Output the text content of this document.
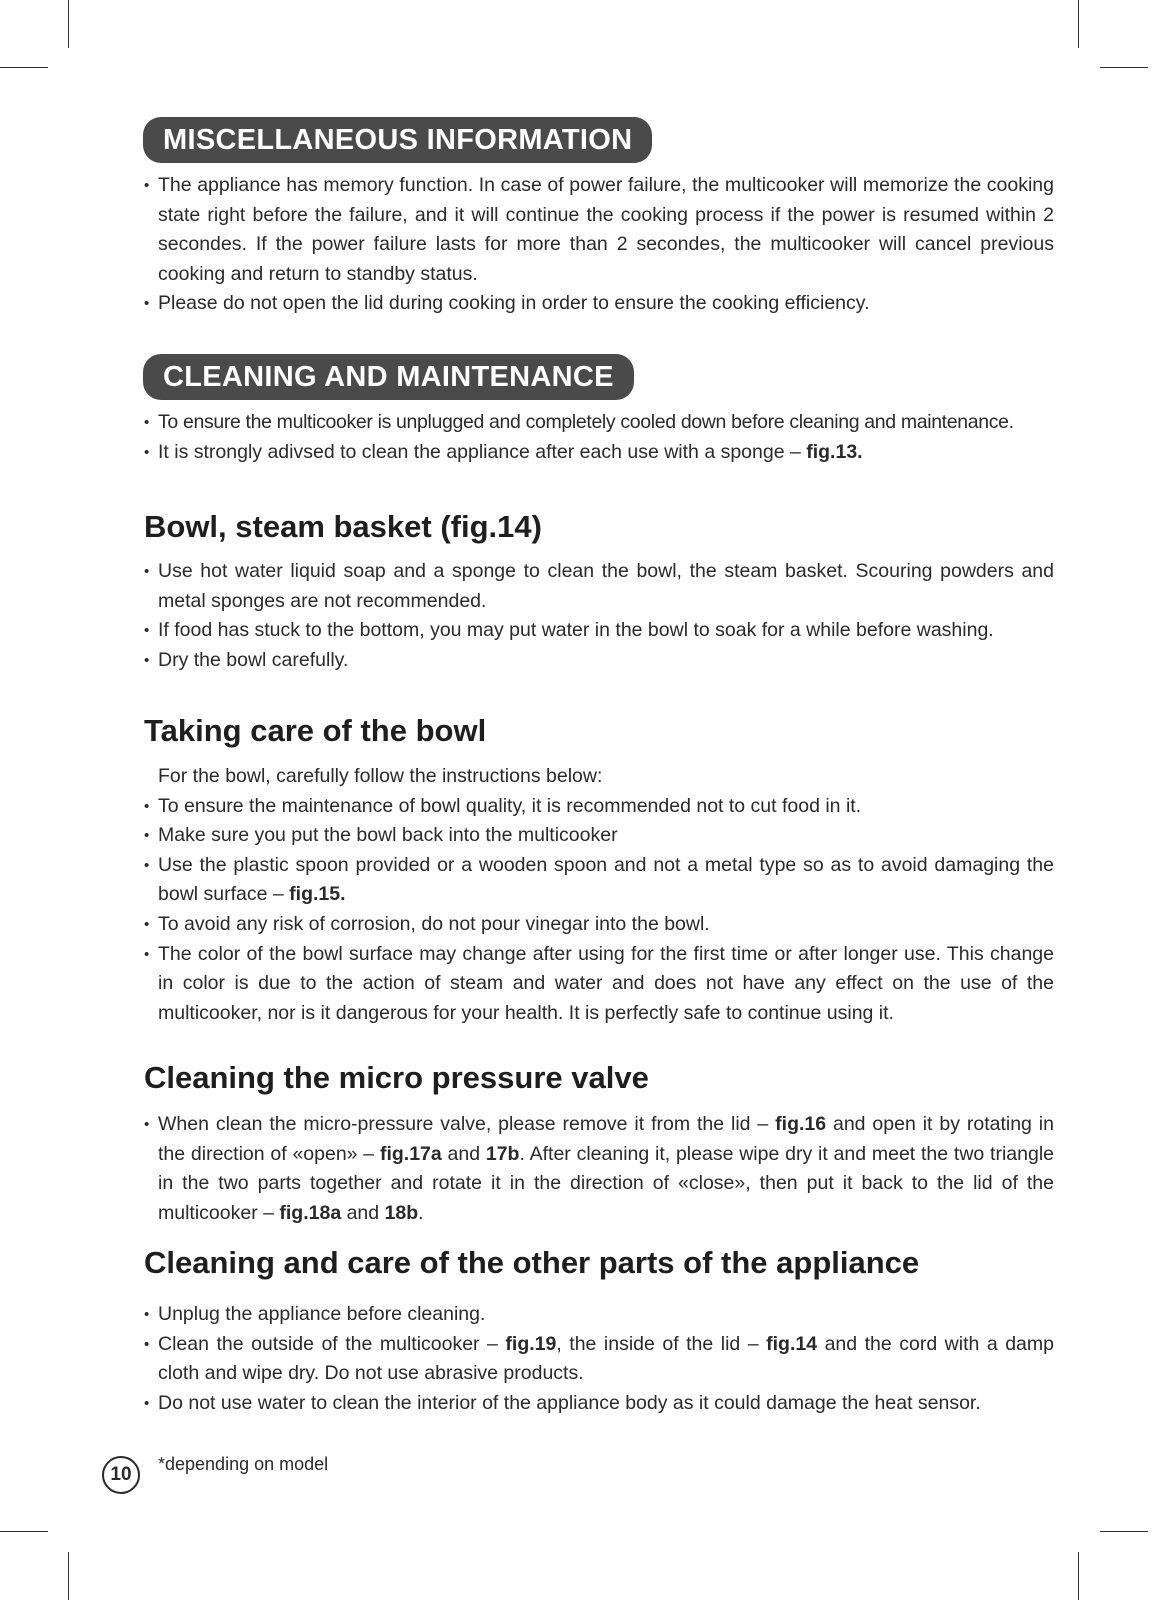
MISCELLANEOUS INFORMATION
• The appliance has memory function. In case of power failure, the multicooker will memorize the cooking state right before the failure, and it will continue the cooking process if the power is resumed within 2 secondes. If the power failure lasts for more than 2 secondes, the multicooker will cancel previous cooking and return to standby status.
• Please do not open the lid during cooking in order to ensure the cooking efficiency.
CLEANING AND MAINTENANCE
• To ensure the multicooker is unplugged and completely cooled down before cleaning and maintenance.
• It is strongly adivsed to clean the appliance after each use with a sponge – fig.13.
Bowl, steam basket (fig.14)
• Use hot water liquid soap and a sponge to clean the bowl, the steam basket. Scouring powders and metal sponges are not recommended.
• If food has stuck to the bottom, you may put water in the bowl to soak for a while before washing.
• Dry the bowl carefully.
Taking care of the bowl
For the bowl, carefully follow the instructions below:
• To ensure the maintenance of bowl quality, it is recommended not to cut food in it.
• Make sure you put the bowl back into the multicooker
• Use the plastic spoon provided or a wooden spoon and not a metal type so as to avoid damaging the bowl surface – fig.15.
• To avoid any risk of corrosion, do not pour vinegar into the bowl.
• The color of the bowl surface may change after using for the first time or after longer use. This change in color is due to the action of steam and water and does not have any effect on the use of the multicooker, nor is it dangerous for your health. It is perfectly safe to continue using it.
Cleaning the micro pressure valve
• When clean the micro-pressure valve, please remove it from the lid – fig.16 and open it by rotating in the direction of «open» – fig.17a and 17b. After cleaning it, please wipe dry it and meet the two triangle in the two parts together and rotate it in the direction of «close», then put it back to the lid of the multicooker – fig.18a and 18b.
Cleaning and care of the other parts of the appliance
• Unplug the appliance before cleaning.
• Clean the outside of the multicooker – fig.19, the inside of the lid – fig.14 and the cord with a damp cloth and wipe dry. Do not use abrasive products.
• Do not use water to clean the interior of the appliance body as it could damage the heat sensor.
10	*depending on model
